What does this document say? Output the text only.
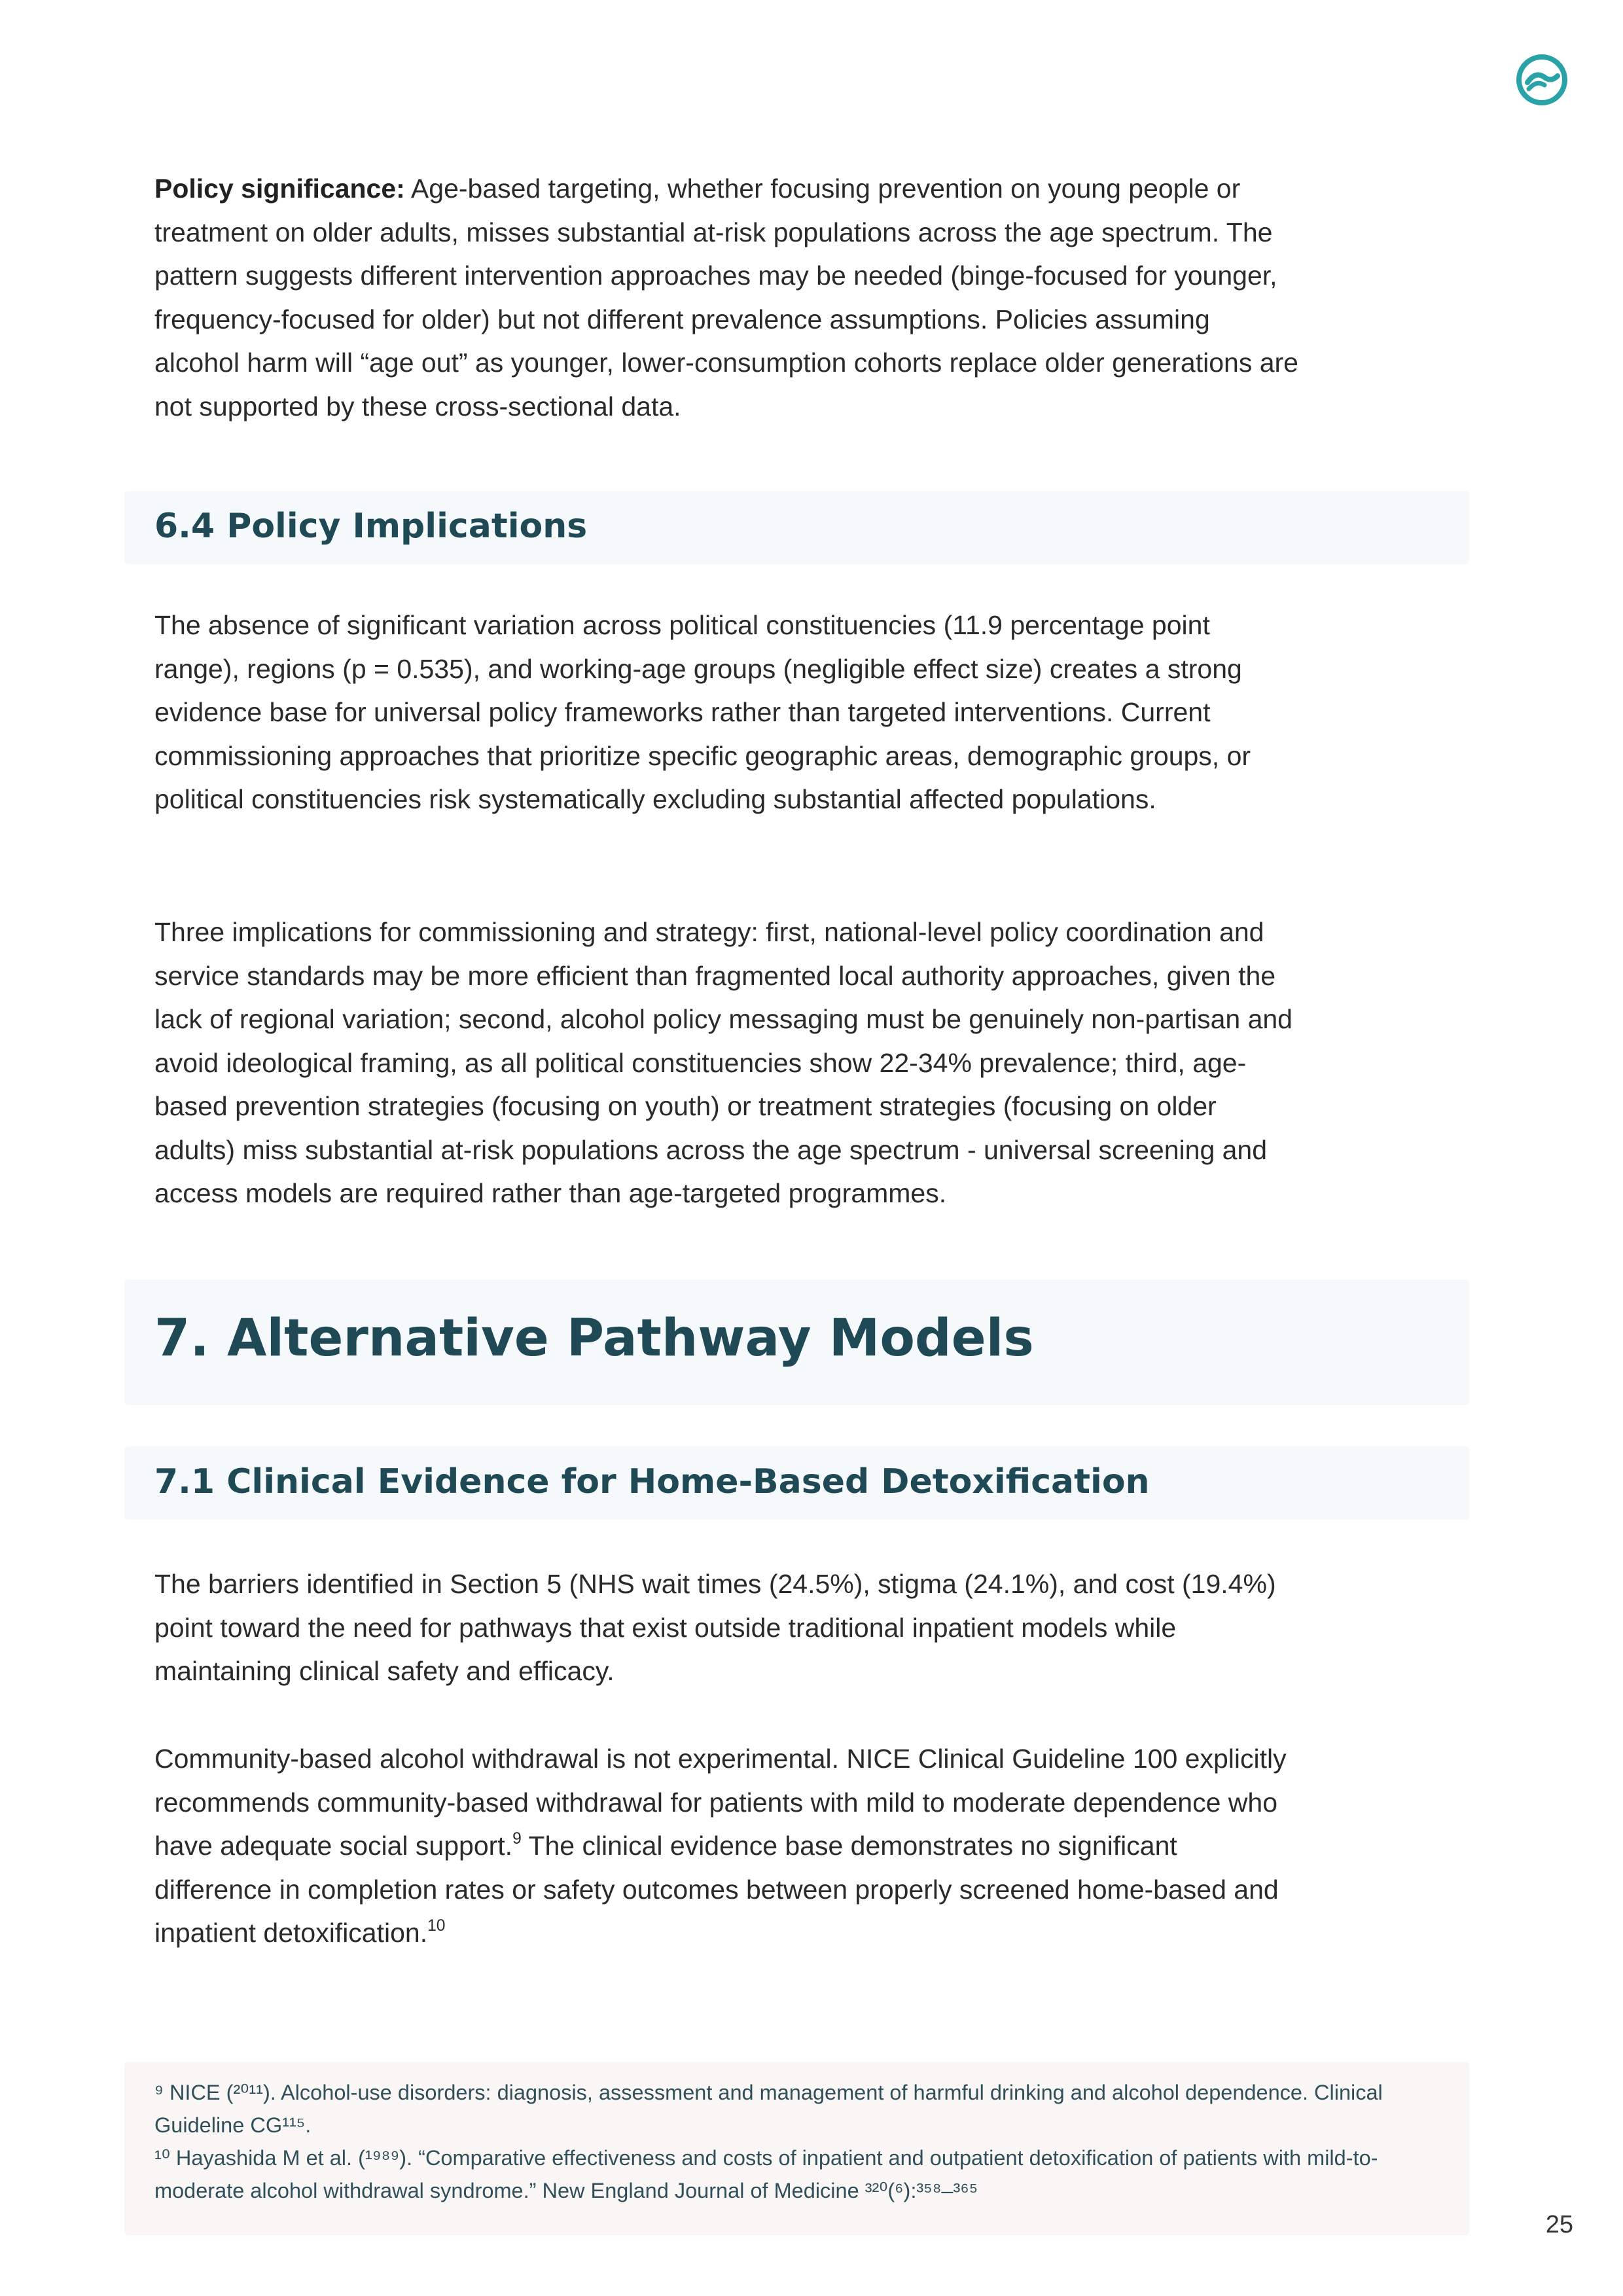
Policy significance: Age-based targeting, whether focusing prevention on young people or treatment on older adults, misses substantial at-risk populations across the age spectrum. The pattern suggests different intervention approaches may be needed (binge-focused for younger, frequency-focused for older) but not different prevalence assumptions. Policies assuming alcohol harm will “age out” as younger, lower-consumption cohorts replace older generations are not supported by these cross-sectional data.

6.4 Policy Implications

The absence of significant variation across political constituencies (11.9 percentage point range), regions (p = 0.535), and working-age groups (negligible effect size) creates a strong evidence base for universal policy frameworks rather than targeted interventions. Current commissioning approaches that prioritize specific geographic areas, demographic groups, or political constituencies risk systematically excluding substantial affected populations.

Three implications for commissioning and strategy: first, national-level policy coordination and service standards may be more efficient than fragmented local authority approaches, given the lack of regional variation; second, alcohol policy messaging must be genuinely non-partisan and avoid ideological framing, as all political constituencies show 22-34% prevalence; third, age-based prevention strategies (focusing on youth) or treatment strategies (focusing on older adults) miss substantial at-risk populations across the age spectrum - universal screening and access models are required rather than age-targeted programmes.

7. Alternative Pathway Models
7.1 Clinical Evidence for Home-Based Detoxification

The barriers identified in Section 5 (NHS wait times (24.5%), stigma (24.1%), and cost (19.4%) point toward the need for pathways that exist outside traditional inpatient models while maintaining clinical safety and efficacy.

Community-based alcohol withdrawal is not experimental. NICE Clinical Guideline 100 explicitly recommends community-based withdrawal for patients with mild to moderate dependence who have adequate social support.$^9$ The clinical evidence base demonstrates no significant difference in completion rates or safety outcomes between properly screened home-based and inpatient detoxification.$^{10}$

⁹ NICE (²⁰¹¹). Alcohol-use disorders: diagnosis, assessment and management of harmful drinking and alcohol dependence. Clinical Guideline CG¹¹⁵.

¹⁰ Hayashida M et al. (¹⁹⁸⁹). “Comparative effectiveness and costs of inpatient and outpatient detoxification of patients with mild-to-moderate alcohol withdrawal syndrome.” New England Journal of Medicine ³²⁰(⁶):³⁵⁸–³⁶⁵

25
